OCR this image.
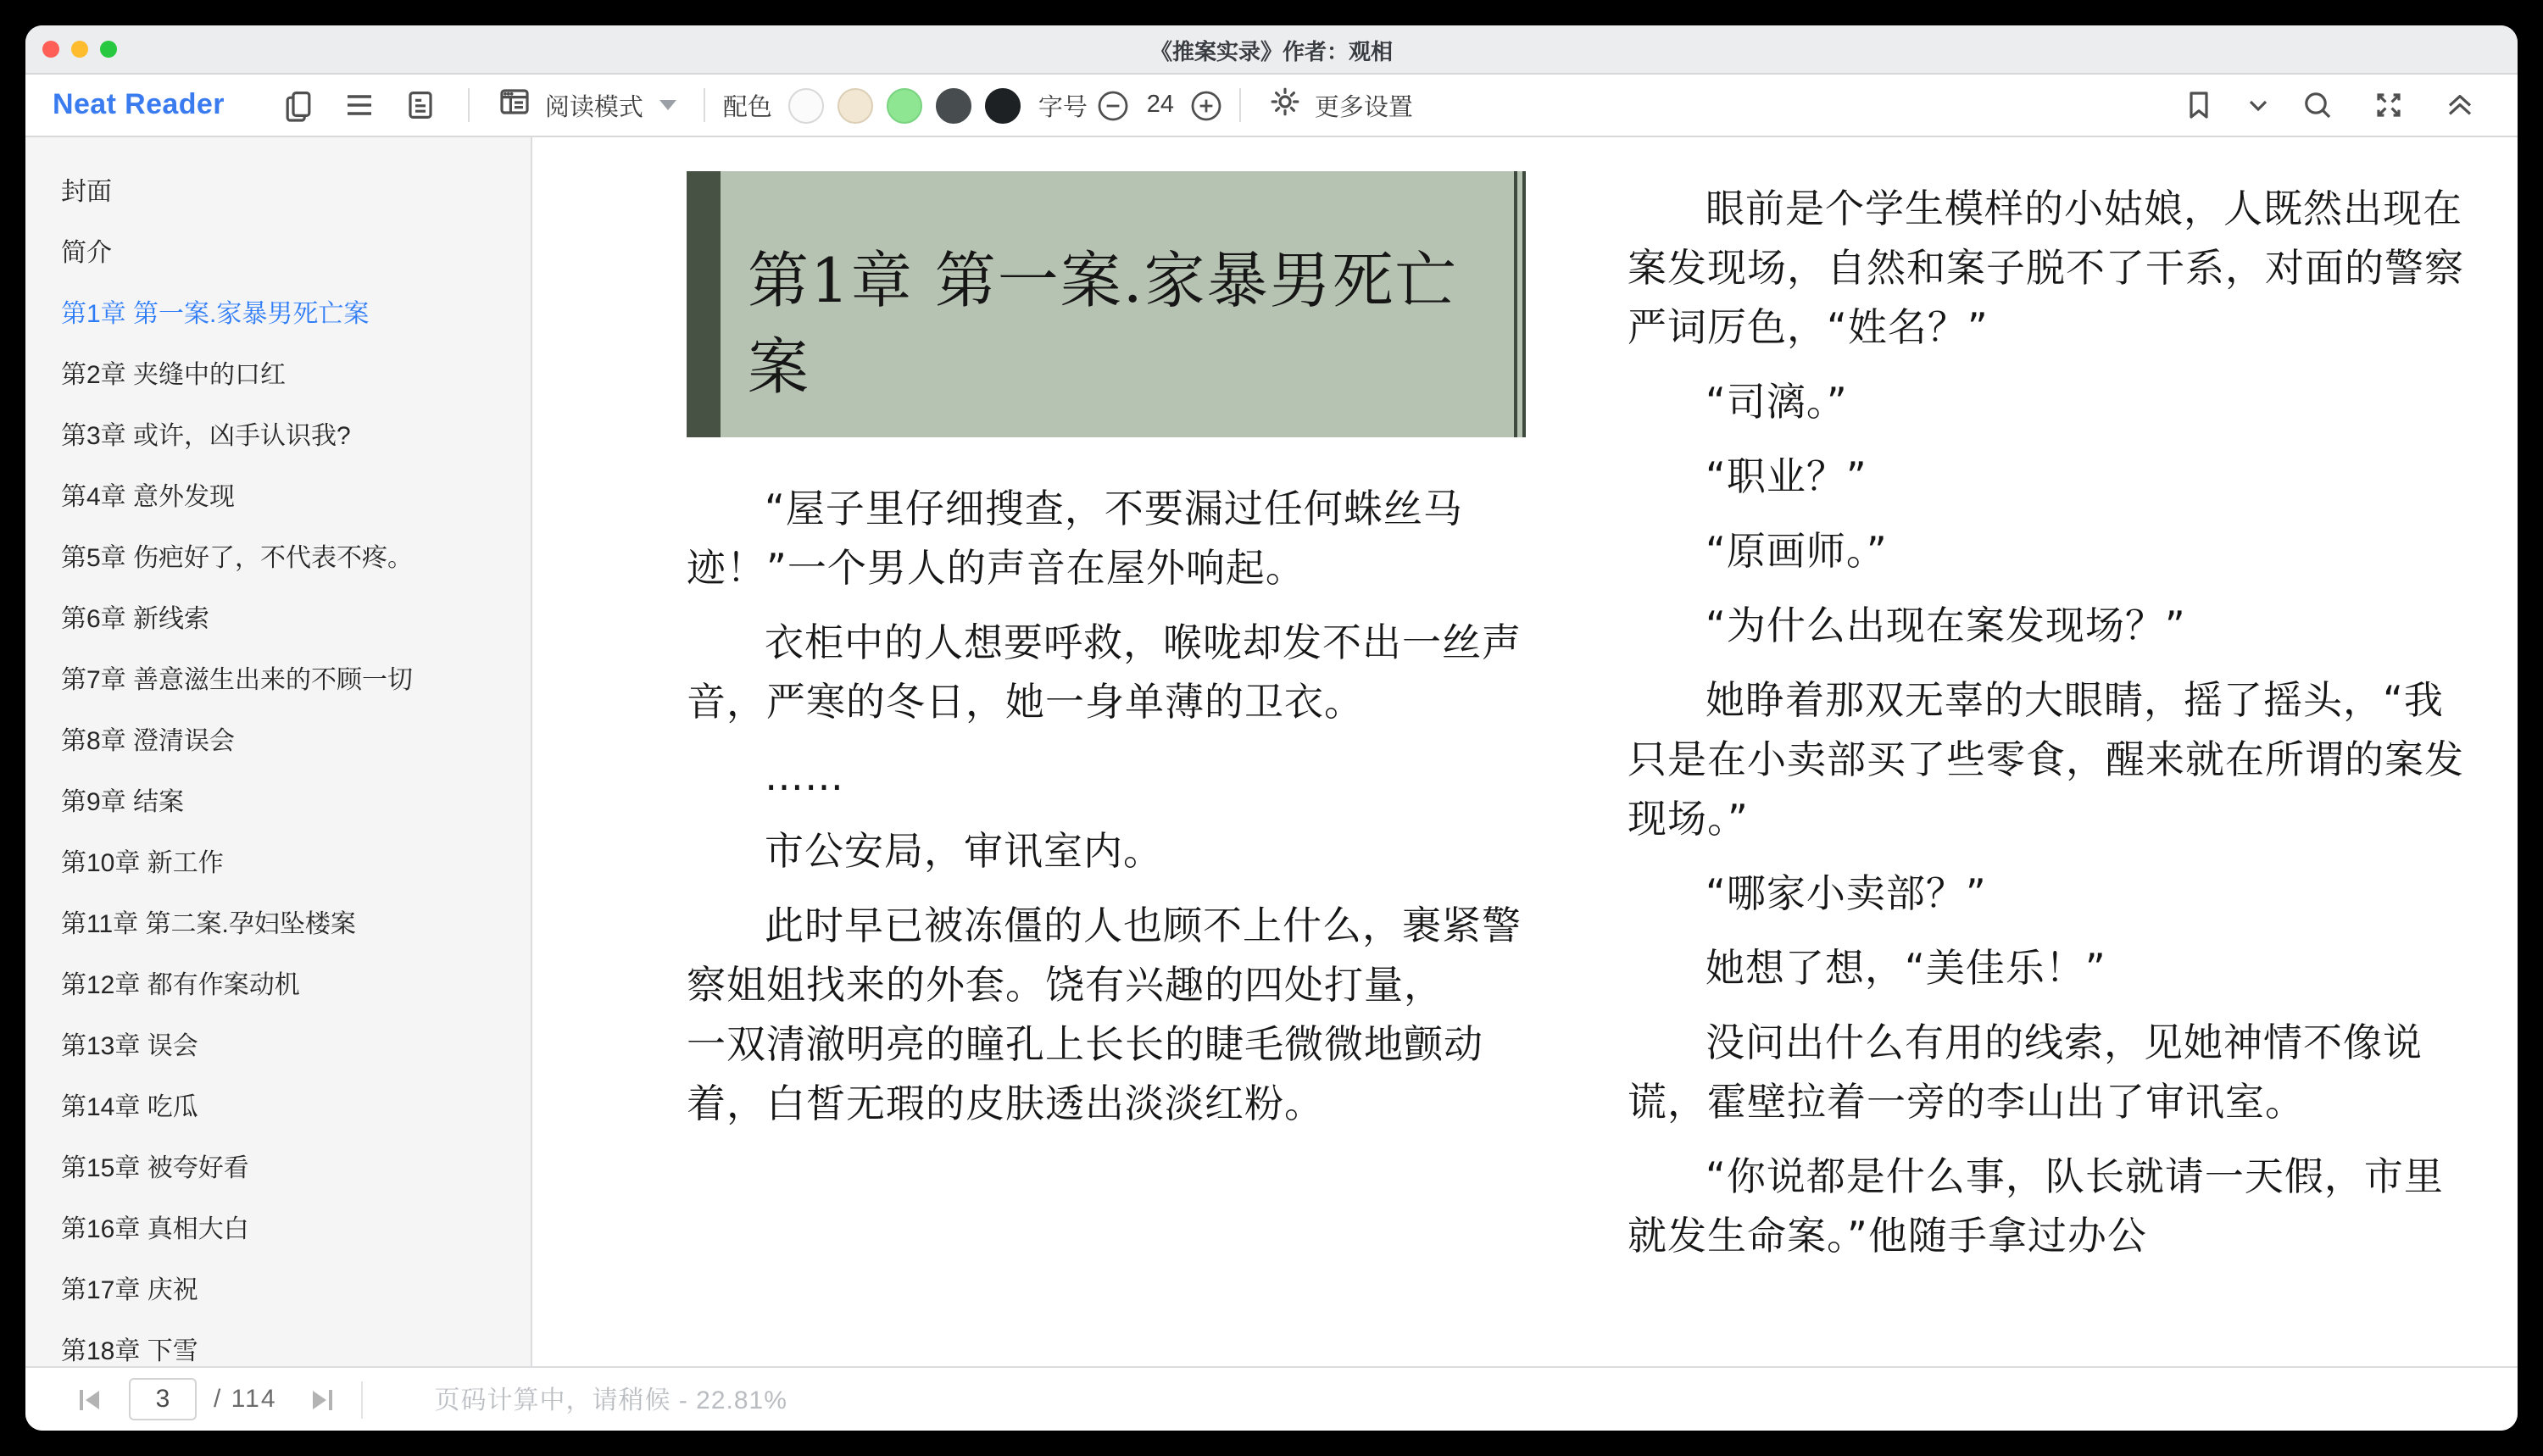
《推案实录》作者：观相
Neat Reader	阅读模式	配色	字号	24	更多设置
封面
简介
第1章 第一案.家暴男死亡案
第2章 夹缝中的口红
第3章 或许，凶手认识我?
第4章 意外发现
第5章 伤疤好了，不代表不疼。
第6章 新线索
第7章 善意滋生出来的不顾一切
第8章 澄清误会
第9章 结案
第10章 新工作
第11章 第二案.孕妇坠楼案
第12章 都有作案动机
第13章 误会
第14章 吃瓜
第15章 被夸好看
第16章 真相大白
第17章 庆祝
第18章 下雪
第1章 第一案.家暴男死亡案

“屋子里仔细搜查，不要漏过任何蛛丝马迹！”一个男人的声音在屋外响起。

衣柜中的人想要呼救，喉咙却发不出一丝声音，严寒的冬日，她一身单薄的卫衣。

……

市公安局，审讯室内。

此时早已被冻僵的人也顾不上什么，裹紧警察姐姐找来的外套。饶有兴趣的四处打量，　　一双清澈明亮的瞳孔上长长的睫毛微微地颤动着，白皙无瑕的皮肤透出淡淡红粉。

眼前是个学生模样的小姑娘，人既然出现在案发现场，自然和案子脱不了干系，对面的警察严词厉色，“姓名？”

“司漓。”

“职业？”

“原画师。”

“为什么出现在案发现场？”

她睁着那双无辜的大眼睛，摇了摇头，“我只是在小卖部买了些零食，醒来就在所谓的案发现场。”

“哪家小卖部？”

她想了想，“美佳乐！”

没问出什么有用的线索，见她神情不像说谎，霍壁拉着一旁的李山出了审讯室。

“你说都是什么事，队长就请一天假，市里就发生命案。”他随手拿过办公

3
/ 114	页码计算中，请稍候 - 22.81%
